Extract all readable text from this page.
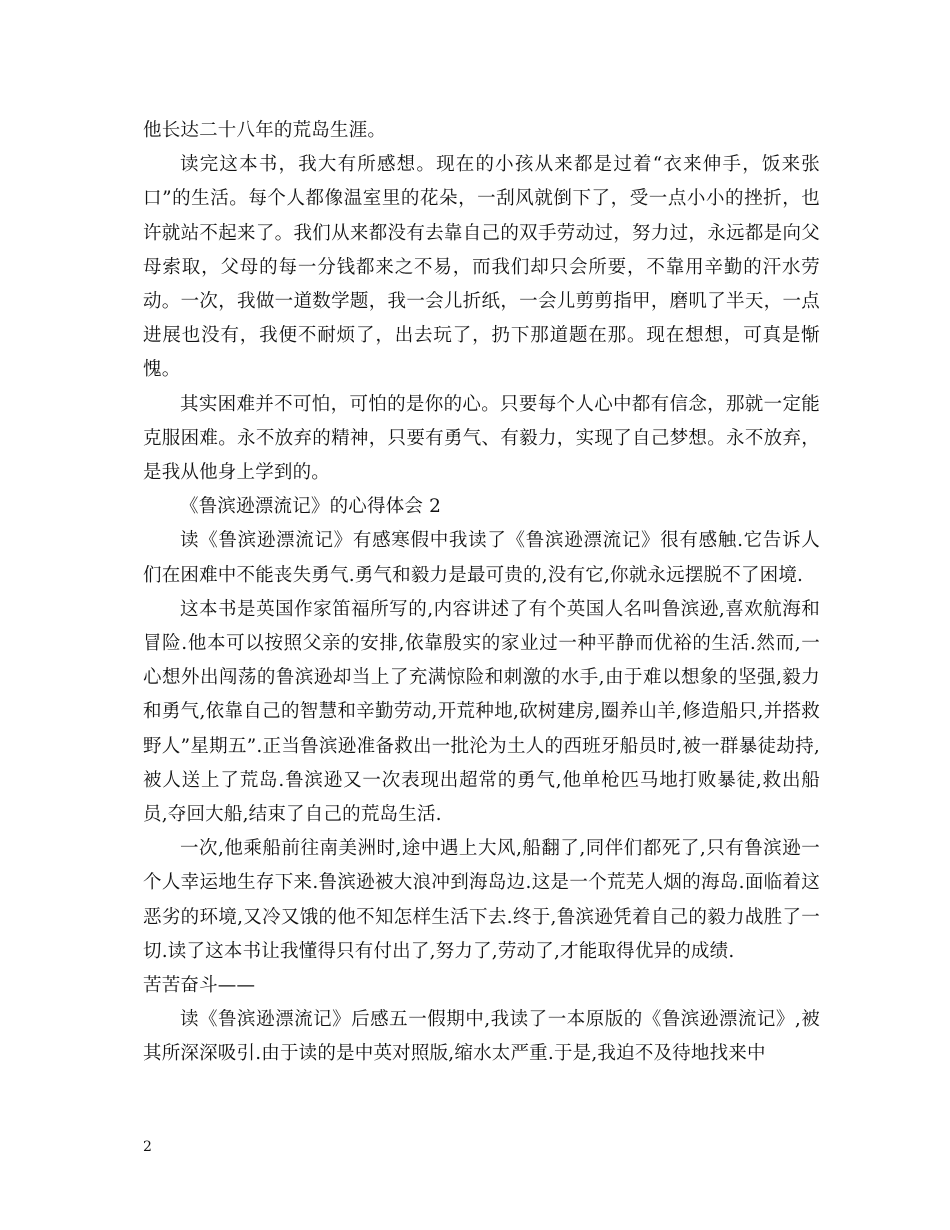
他长达二十八年的荒岛生涯。

读完这本书，我大有所感想。现在的小孩从来都是过着“衣来伸手，饭来张口”的生活。每个人都像温室里的花朵，一刮风就倒下了，受一点小小的挫折，也许就站不起来了。我们从来都没有去靠自己的双手劳动过，努力过，永远都是向父母索取，父母的每一分钱都来之不易，而我们却只会所要，不靠用辛勤的汗水劳动。一次，我做一道数学题，我一会儿折纸，一会儿剪剪指甲，磨叽了半天，一点进展也没有，我便不耐烦了，出去玩了，扔下那道题在那。现在想想，可真是惭愧。

其实困难并不可怕，可怕的是你的心。只要每个人心中都有信念，那就一定能克服困难。永不放弃的精神，只要有勇气、有毅力，实现了自己梦想。永不放弃，是我从他身上学到的。

《鲁滨逊漂流记》的心得体会 2

读《鲁滨逊漂流记》有感寒假中我读了《鲁滨逊漂流记》很有感触.它告诉人们在困难中不能丧失勇气.勇气和毅力是最可贵的,没有它,你就永远摆脱不了困境.

这本书是英国作家笛福所写的,内容讲述了有个英国人名叫鲁滨逊,喜欢航海和冒险.他本可以按照父亲的安排,依靠殷实的家业过一种平静而优裕的生活.然而,一心想外出闯荡的鲁滨逊却当上了充满惊险和刺激的水手,由于难以想象的坚强,毅力和勇气,依靠自己的智慧和辛勤劳动,开荒种地,砍树建房,圈养山羊,修造船只,并搭救野人”星期五”.正当鲁滨逊准备救出一批沦为土人的西班牙船员时,被一群暴徒劫持,被人送上了荒岛.鲁滨逊又一次表现出超常的勇气,他单枪匹马地打败暴徒,救出船员,夺回大船,结束了自己的荒岛生活.

一次,他乘船前往南美洲时,途中遇上大风,船翻了,同伴们都死了,只有鲁滨逊一个人幸运地生存下来.鲁滨逊被大浪冲到海岛边.这是一个荒芜人烟的海岛.面临着这恶劣的环境,又冷又饿的他不知怎样生活下去.终于,鲁滨逊凭着自己的毅力战胜了一切.读了这本书让我懂得只有付出了,努力了,劳动了,才能取得优异的成绩.

苦苦奋斗——

读《鲁滨逊漂流记》后感五一假期中,我读了一本原版的《鲁滨逊漂流记》,被其所深深吸引.由于读的是中英对照版,缩水太严重.于是,我迫不及待地找来中

2
